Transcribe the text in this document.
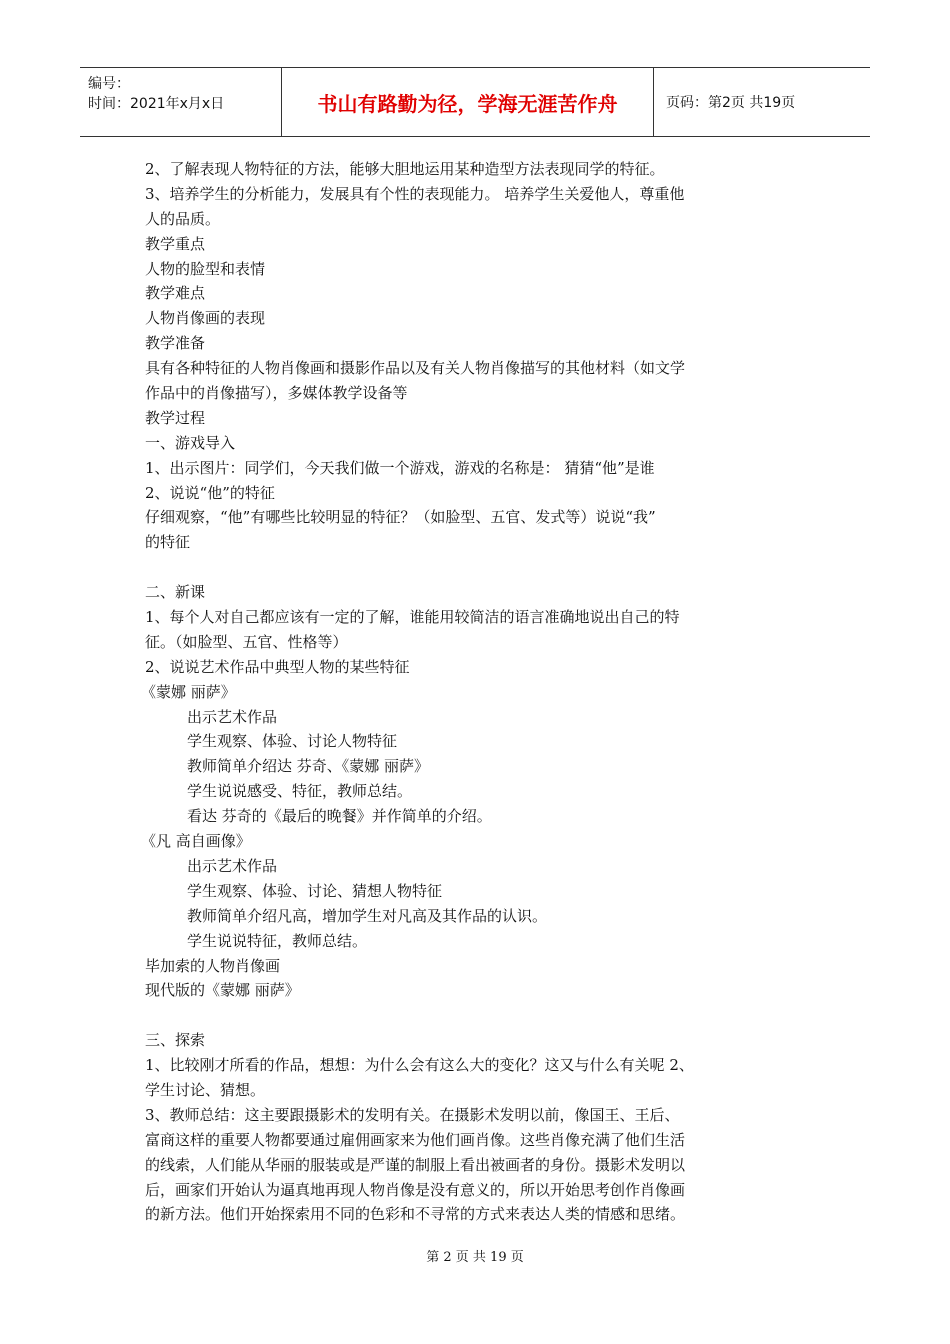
编号：
时间：2021年x月x日	书山有路勤为径，学海无涯苦作舟	页码：第2页 共19页
2、了解表现人物特征的方法，能够大胆地运用某种造型方法表现同学的特征。
3、培养学生的分析能力，发展具有个性的表现能力。 培养学生关爱他人，尊重他
人的品质。
教学重点
人物的脸型和表情
教学难点
人物肖像画的表现
教学准备
具有各种特征的人物肖像画和摄影作品以及有关人物肖像描写的其他材料（如文学
作品中的肖像描写），多媒体教学设备等
教学过程
一、游戏导入
1、出示图片：同学们，今天我们做一个游戏，游戏的名称是： 猜猜“他”是谁
2、说说“他”的特征
仔细观察，“他”有哪些比较明显的特征？（如脸型、五官、发式等）说说“我”
的特征
二、新课
1、每个人对自己都应该有一定的了解，谁能用较简洁的语言准确地说出自己的特
征。（如脸型、五官、性格等）
2、说说艺术作品中典型人物的某些特征
《蒙娜 丽萨》
出示艺术作品
学生观察、体验、讨论人物特征
教师简单介绍达 芬奇、《蒙娜 丽萨》
学生说说感受、特征，教师总结。
看达 芬奇的《最后的晚餐》并作简单的介绍。
《凡 高自画像》
出示艺术作品
学生观察、体验、讨论、猜想人物特征
教师简单介绍凡高，增加学生对凡高及其作品的认识。
学生说说特征，教师总结。
毕加索的人物肖像画
现代版的《蒙娜 丽萨》
三、探索
1、比较刚才所看的作品，想想：为什么会有这么大的变化？这又与什么有关呢 2、
学生讨论、猜想。
3、教师总结：这主要跟摄影术的发明有关。在摄影术发明以前，像国王、王后、
富商这样的重要人物都要通过雇佣画家来为他们画肖像。这些肖像充满了他们生活
的线索，人们能从华丽的服装或是严谨的制服上看出被画者的身份。摄影术发明以
后，画家们开始认为逼真地再现人物肖像是没有意义的，所以开始思考创作肖像画
的新方法。他们开始探索用不同的色彩和不寻常的方式来表达人类的情感和思绪。
第 2 页 共 19 页
